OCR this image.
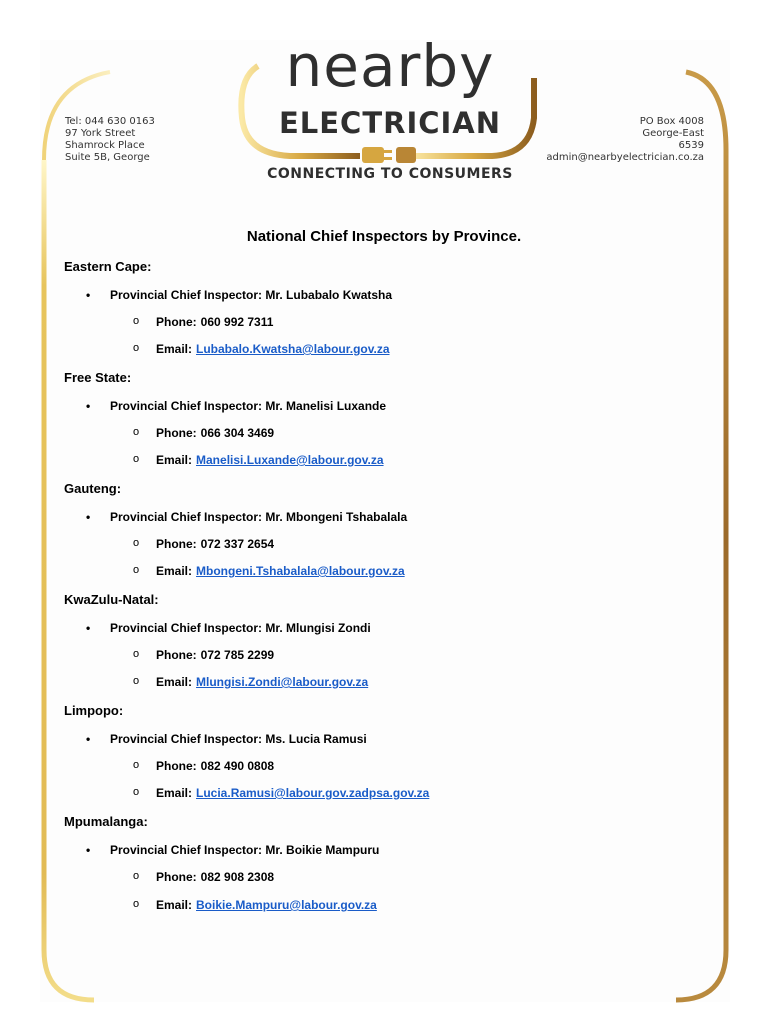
Tel: 044 630 0163
97 York Street
Shamrock Place
Suite 5B, George
PO Box 4008
George-East
6539
admin@nearbyelectrician.co.za
nearby
ELECTRICIAN
CONNECTING TO CONSUMERS
National Chief Inspectors by Province.
Eastern Cape:
•	Provincial Chief Inspector: Mr. Lubabalo Kwatsha
o	Phone: 060 992 7311
o	Email: Lubabalo.Kwatsha@labour.gov.za
Free State:
•	Provincial Chief Inspector: Mr. Manelisi Luxande
o	Phone: 066 304 3469
o	Email: Manelisi.Luxande@labour.gov.za
Gauteng:
•	Provincial Chief Inspector: Mr. Mbongeni Tshabalala
o	Phone: 072 337 2654
o	Email: Mbongeni.Tshabalala@labour.gov.za
KwaZulu-Natal:
•	Provincial Chief Inspector: Mr. Mlungisi Zondi
o	Phone: 072 785 2299
o	Email: Mlungisi.Zondi@labour.gov.za
Limpopo:
•	Provincial Chief Inspector: Ms. Lucia Ramusi
o	Phone: 082 490 0808
o	Email: Lucia.Ramusi@labour.gov.zadpsa.gov.za
Mpumalanga:
•	Provincial Chief Inspector: Mr. Boikie Mampuru
o	Phone: 082 908 2308
o	Email: Boikie.Mampuru@labour.gov.za
